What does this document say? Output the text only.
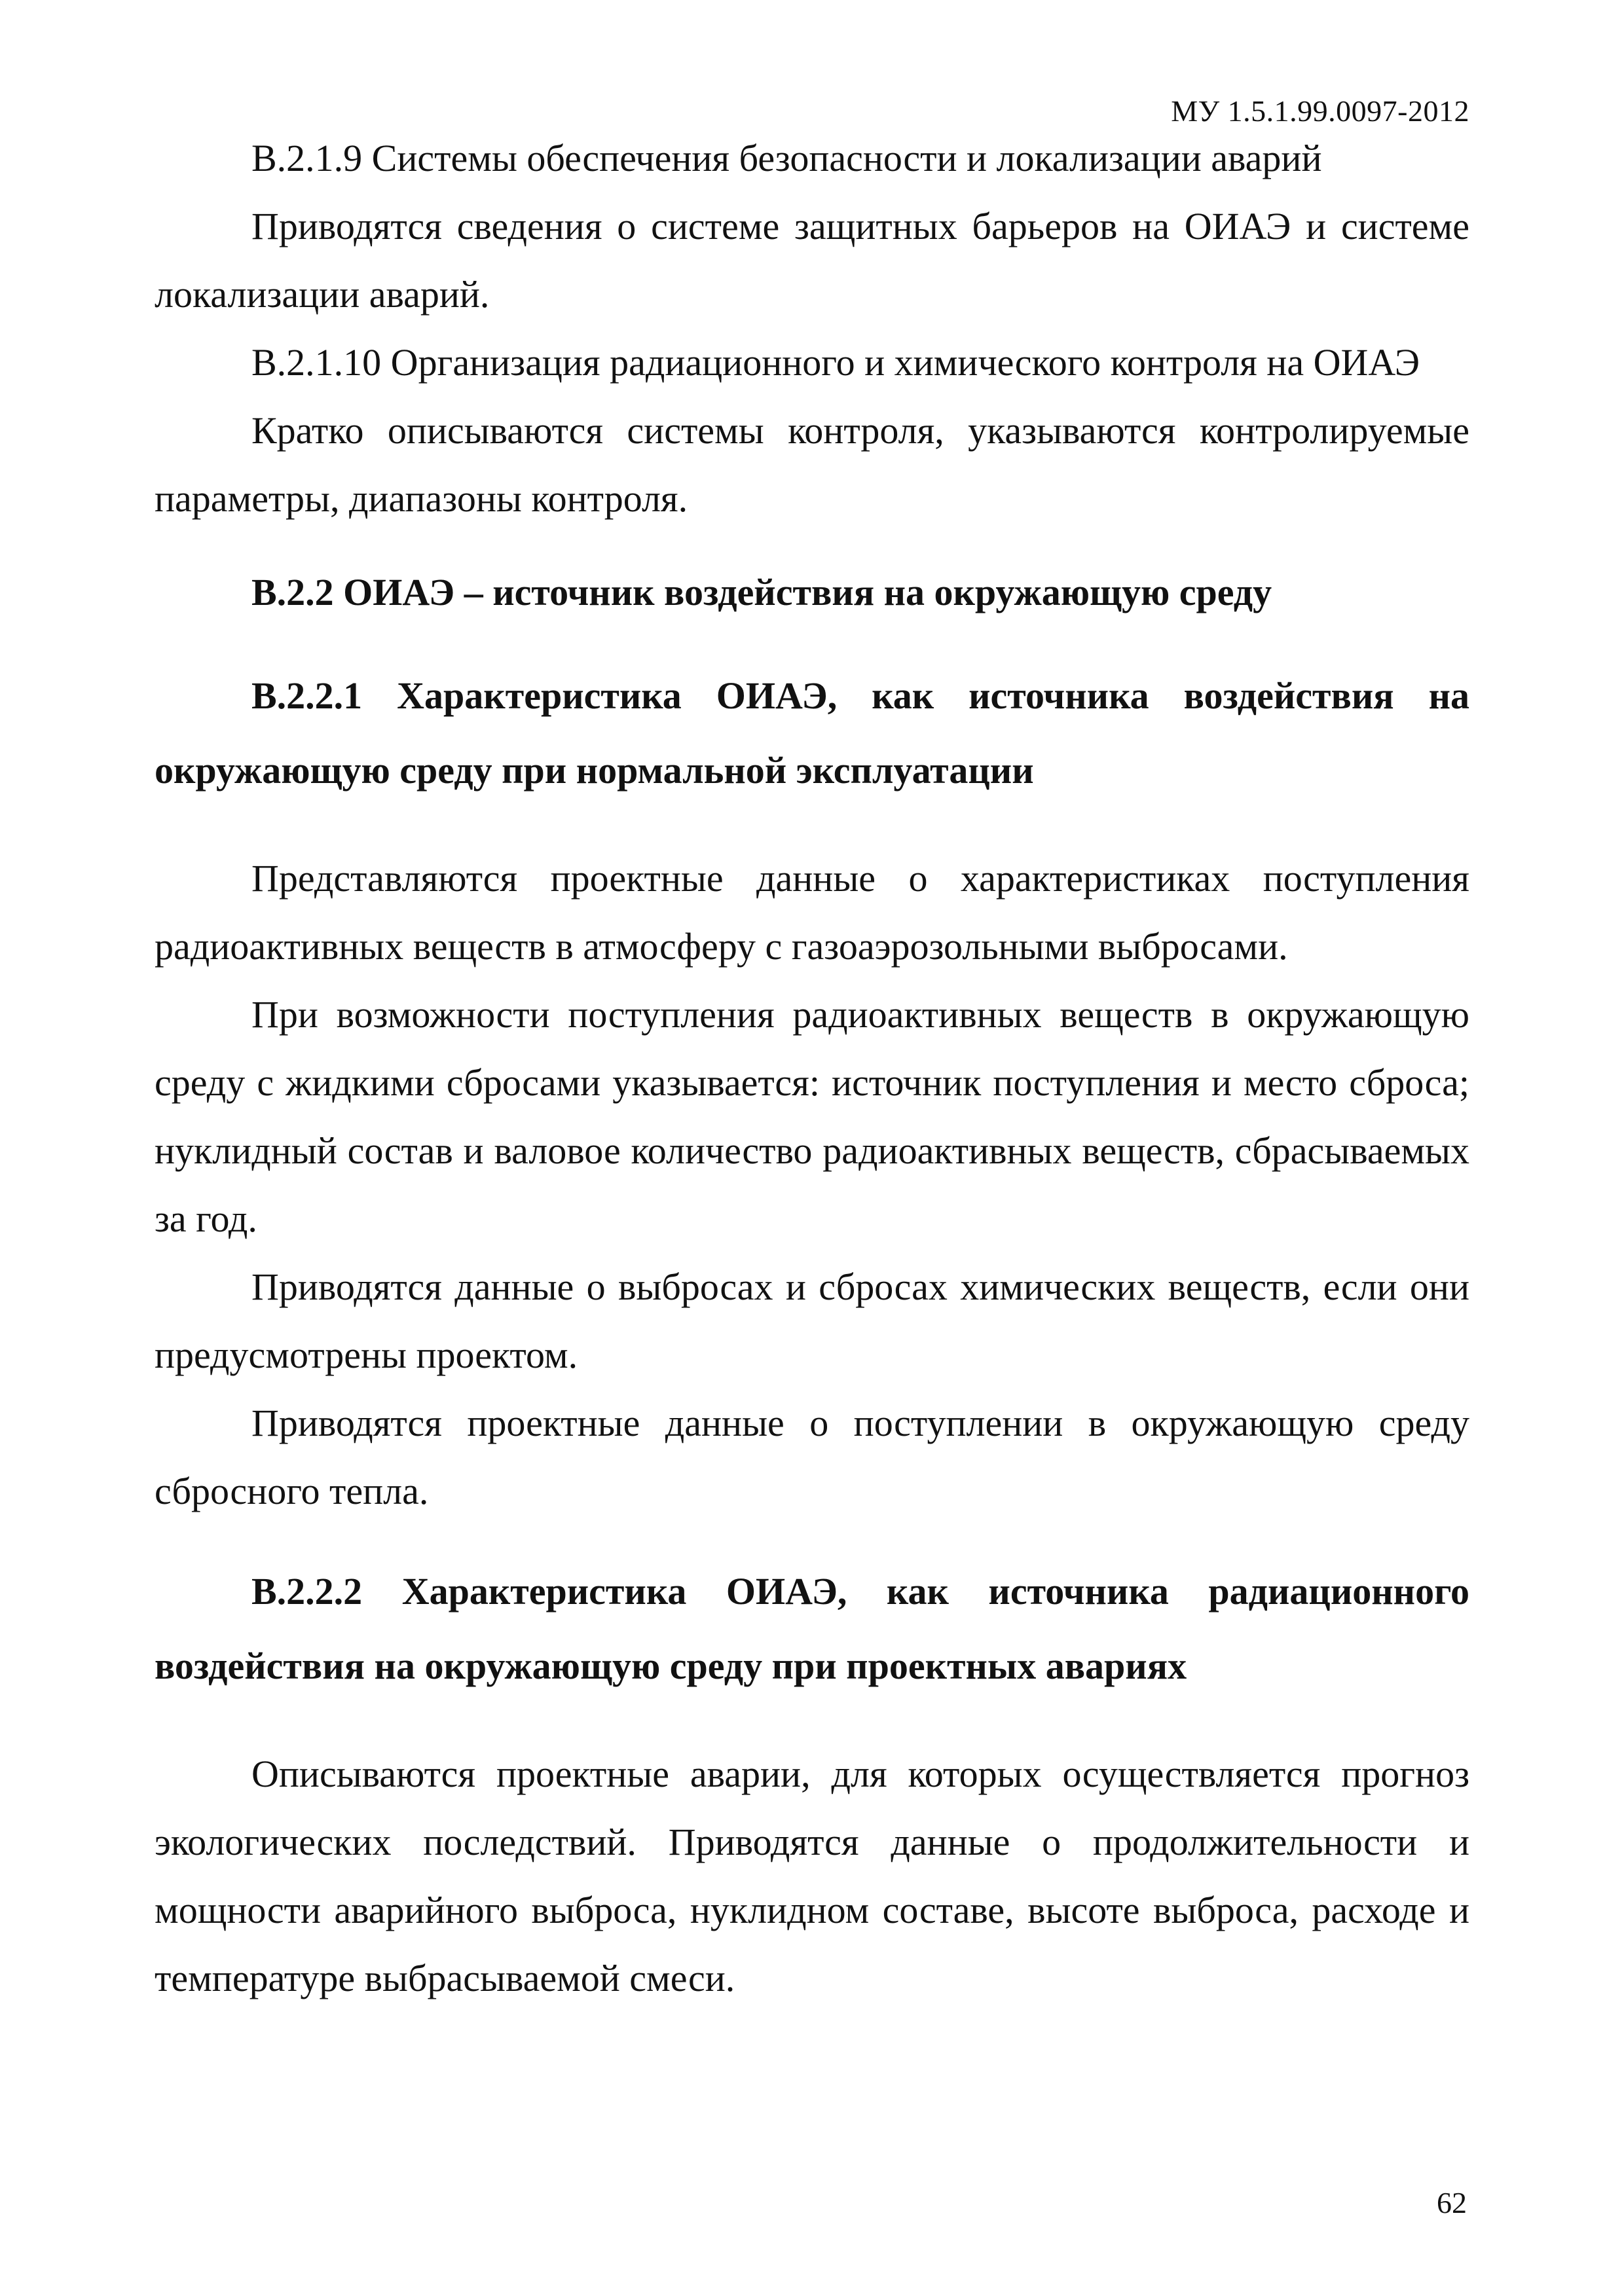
МУ 1.5.1.99.0097-2012

В.2.1.9 Системы обеспечения безопасности и локализации аварий

Приводятся сведения о системе защитных барьеров на ОИАЭ и системе локализации аварий.

В.2.1.10 Организация радиационного и химического контроля на ОИАЭ

Кратко описываются системы контроля, указываются контролируемые параметры, диапазоны контроля.

В.2.2 ОИАЭ – источник воздействия на окружающую среду

В.2.2.1 Характеристика ОИАЭ, как источника воздействия на окружающую среду при нормальной эксплуатации

Представляются проектные данные о характеристиках поступления радиоактивных веществ в атмосферу с газоаэрозольными выбросами.

При возможности поступления радиоактивных веществ в окружающую среду с жидкими сбросами указывается: источник поступления и место сброса; нуклидный состав и валовое количество радиоактивных веществ, сбрасываемых за год.

Приводятся данные о выбросах и сбросах химических веществ, если они предусмотрены проектом.

Приводятся проектные данные о поступлении в окружающую среду сбросного тепла.

В.2.2.2 Характеристика ОИАЭ, как источника радиационного воздействия на окружающую среду при проектных авариях

Описываются проектные аварии, для которых осуществляется прогноз экологических последствий. Приводятся данные о продолжительности и мощности аварийного выброса, нуклидном составе, высоте выброса, расходе и температуре выбрасываемой смеси.

62
